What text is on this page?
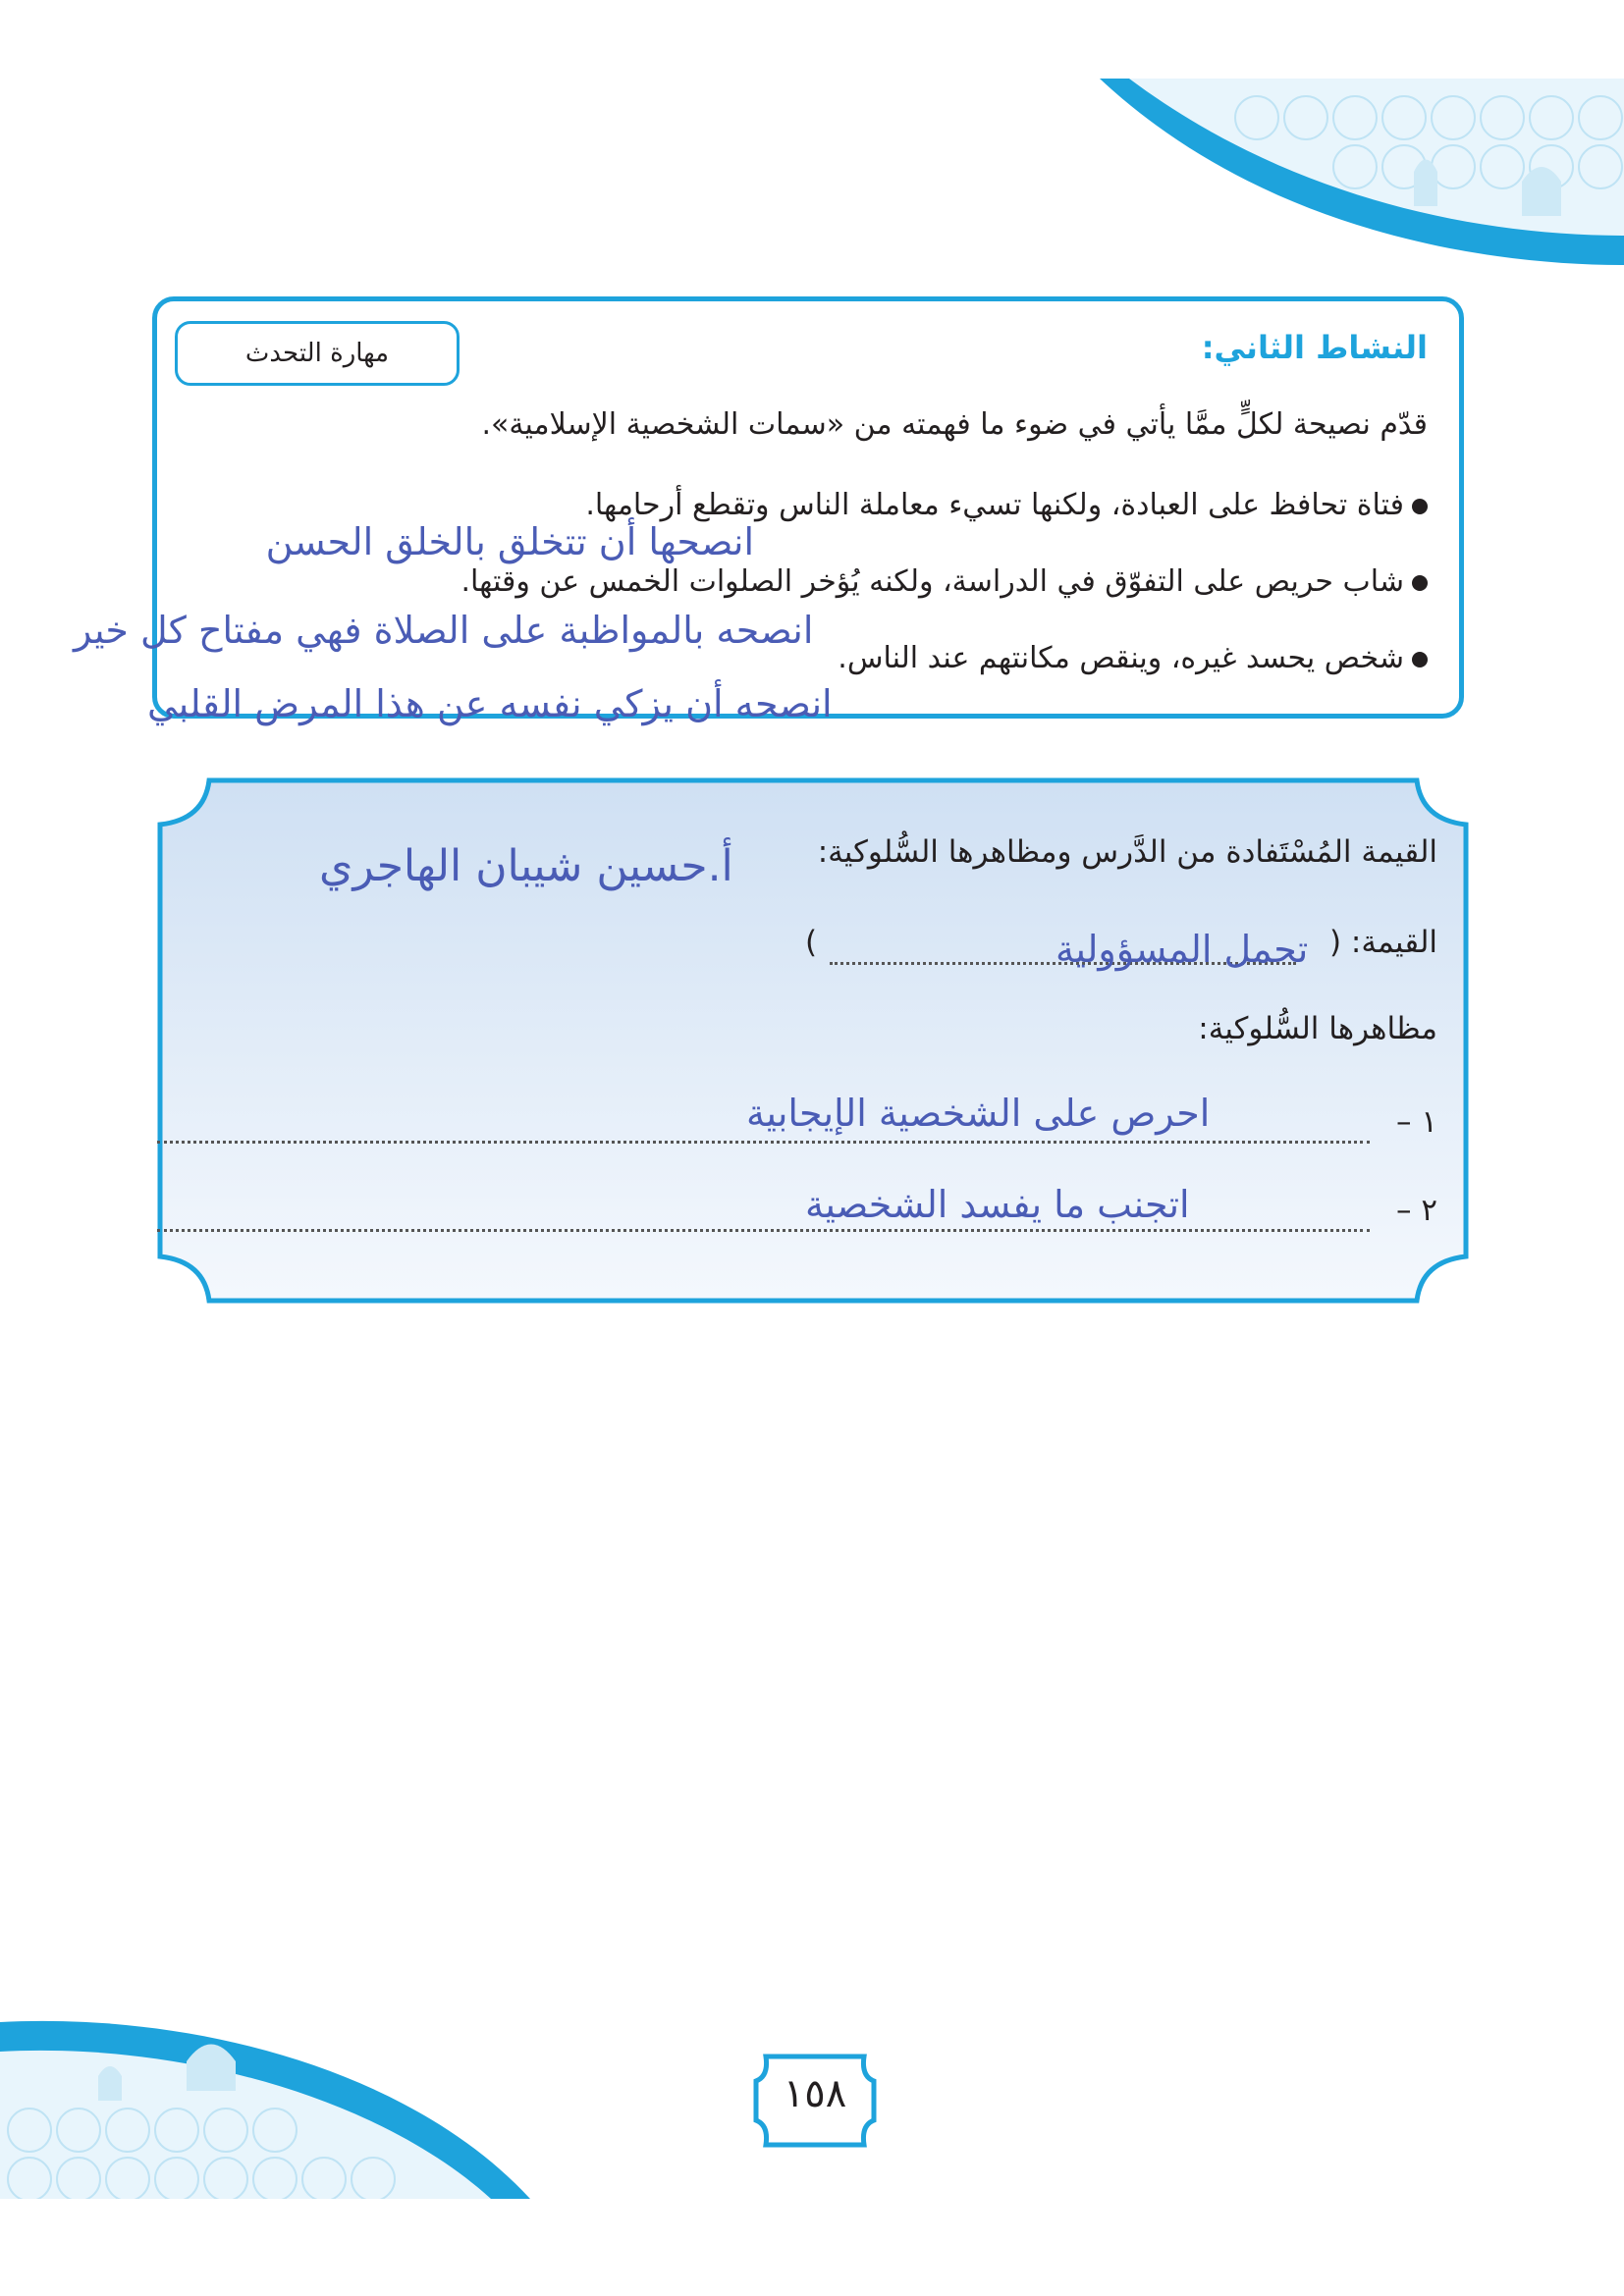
مهارة التحدث	النشاط الثاني:
قدّم نصيحة لكلٍّ ممَّا يأتي في ضوء ما فهمته من «سمات الشخصية الإسلامية».
فتاة تحافظ على العبادة، ولكنها تسيء معاملة الناس وتقطع أرحامها.
شاب حريص على التفوّق في الدراسة، ولكنه يُؤخر الصلوات الخمس عن وقتها.
شخص يحسد غيره، وينقص مكانتهم عند الناس.
انصحها أن تتخلق بالخلق الحسن
انصحه بالمواظبة على الصلاة فهي مفتاح كل خير
انصحه أن يزكي نفسه عن هذا المرض القلبي
القيمة المُسْتَفادة من الدَّرس ومظاهرها السُّلوكية:
أ.حسين شيبان الهاجري
القيمة: (
)	تحمل المسؤولية
مظاهرها السُّلوكية:
١ –
احرص على الشخصية الإيجابية
٢ –
اتجنب ما يفسد الشخصية
١٥٨
